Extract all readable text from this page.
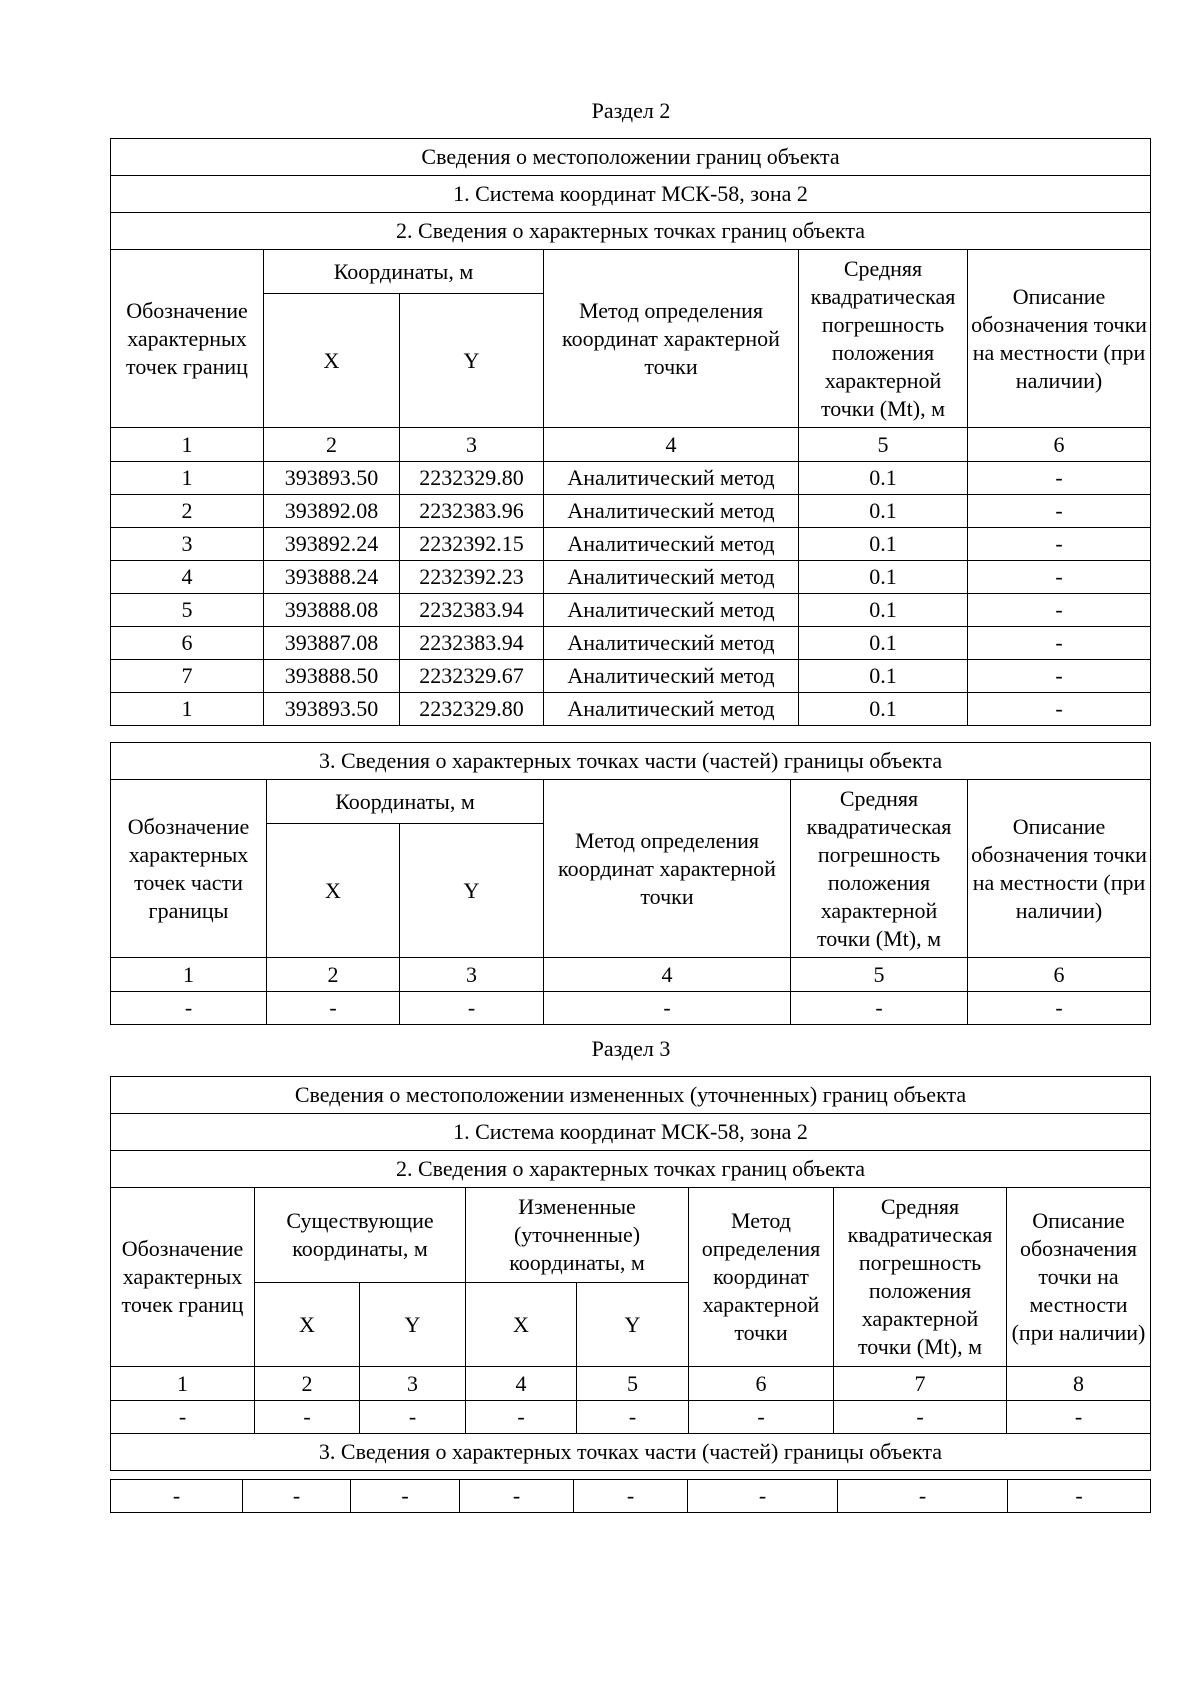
Раздел 2
Сведения о местоположении границ объекта					
1. Система координат МСК-58, зона 2					
2. Сведения о характерных точках границ объекта					
Обозначение характерных точек границ	Координаты, м		Метод определения координат характерной точки	Средняя квадратическая погрешность положения характерной точки (Mt), м	Описание обозначения точки на местности (при наличии)
	X	Y			
1	2	3	4	5	6
1	393893.50	2232329.80	Аналитический метод	0.1	-
2	393892.08	2232383.96	Аналитический метод	0.1	-
3	393892.24	2232392.15	Аналитический метод	0.1	-
4	393888.24	2232392.23	Аналитический метод	0.1	-
5	393888.08	2232383.94	Аналитический метод	0.1	-
6	393887.08	2232383.94	Аналитический метод	0.1	-
7	393888.50	2232329.67	Аналитический метод	0.1	-
1	393893.50	2232329.80	Аналитический метод	0.1	-
3. Сведения о характерных точках части (частей) границы объекта					
Обозначение характерных точек части границы	Координаты, м		Метод определения координат характерной точки	Средняя квадратическая погрешность положения характерной точки (Mt), м	Описание обозначения точки на местности (при наличии)
	X	Y			
1	2	3	4	5	6
-	-	-	-	-	-
Раздел 3
Сведения о местоположении измененных (уточненных) границ объекта							
1. Система координат МСК-58, зона 2							
2. Сведения о характерных точках границ объекта							
Обозначение характерных точек границ	Существующие координаты, м		Измененные (уточненные) координаты, м		Метод определения координат характерной точки	Средняя квадратическая погрешность положения характерной точки (Mt), м	Описание обозначения точки на местности (при наличии)
	X	Y	X	Y			
1	2	3	4	5	6	7	8
-	-	-	-	-	-	-	-
3. Сведения о характерных точках части (частей) границы объекта							
-	-	-	-	-	-	-	-
